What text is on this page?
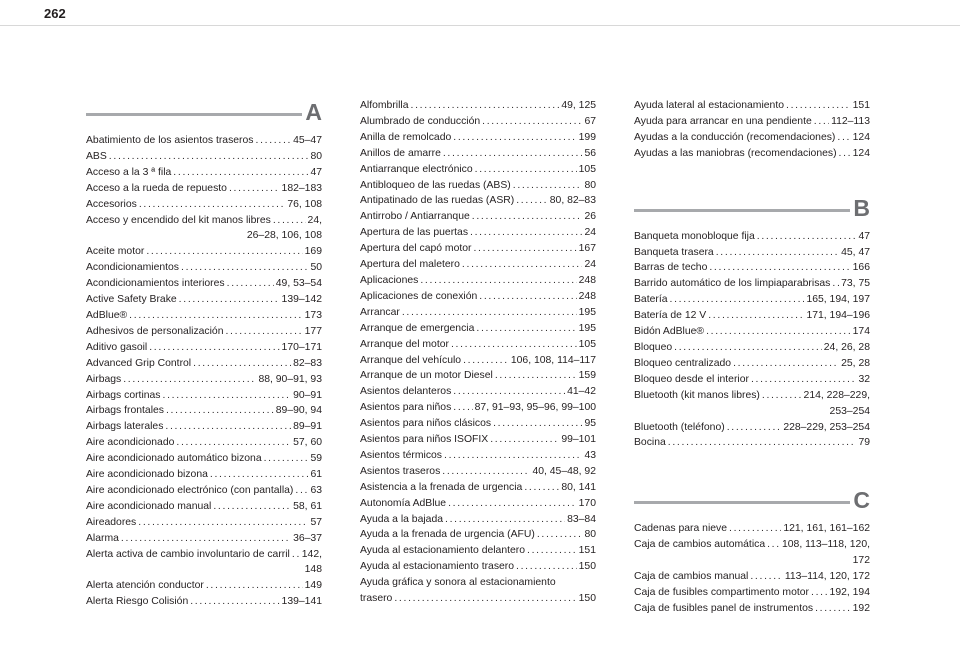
262
A
Abatimiento de los asientos traseros . . .	45–47
ABS . . .	80
Acceso a la 3 ª fila . . .	47
Acceso a la rueda de repuesto . . .	182–183
Accesorios . . .	76, 108
Acceso y encendido del kit manos libres . . .	24,
26–28, 106, 108
Aceite motor . . .	169
Acondicionamientos . . .	50
Acondicionamientos interiores . . .	49, 53–54
Active Safety Brake . . .	139–142
AdBlue® . . .	173
Adhesivos de personalización . . .	177
Aditivo gasoil . . .	170–171
Advanced Grip Control . . .	82–83
Airbags . . .	88, 90–91, 93
Airbags cortinas . . .	90–91
Airbags frontales . . .	89–90, 94
Airbags laterales . . .	89–91
Aire acondicionado . . .	57, 60
Aire acondicionado automático bizona . . .	59
Aire acondicionado bizona . . .	61
Aire acondicionado electrónico (con pantalla) . . . 63
Aire acondicionado manual . . .	58, 61
Aireadores . . .	57
Alarma . . .	36–37
Alerta activa de cambio involuntario de carril . . . 142,
148
Alerta atención conductor . . .	149
Alerta Riesgo Colisión . . .	139–141
Alfombrilla . . .	49, 125
Alumbrado de conducción . . .	67
Anilla de remolcado . . .	199
Anillos de amarre . . .	56
Antiarranque electrónico . . .	105
Antibloqueo de las ruedas (ABS) . . .	80
Antipatinado de las ruedas (ASR) . . .	80, 82–83
Antirrobo / Antiarranque . . .	26
Apertura de las puertas . . .	24
Apertura del capó motor . . .	167
Apertura del maletero . . .	24
Aplicaciones . . .	248
Aplicaciones de conexión . . .	248
Arrancar . . .	195
Arranque de emergencia . . .	195
Arranque del motor . . .	105
Arranque del vehículo . . .	106, 108, 114–117
Arranque de un motor Diesel . . .	159
Asientos delanteros . . .	41–42
Asientos para niños . . . 87, 91–93, 95–96, 99–100
Asientos para niños clásicos . . .	95
Asientos para niños ISOFIX . . .	99–101
Asientos térmicos . . .	43
Asientos traseros . . .	40, 45–48, 92
Asistencia a la frenada de urgencia . . .	80, 141
Autonomía AdBlue . . .	170
Ayuda a la bajada . . .	83–84
Ayuda a la frenada de urgencia (AFU) . . .	80
Ayuda al estacionamiento delantero . . .	151
Ayuda al estacionamiento trasero . . .	150
Ayuda gráfica y sonora al estacionamiento
trasero . . .	150
Ayuda lateral al estacionamiento . . .	151
Ayuda para arrancar en una pendiente . . . 112–113
Ayudas a la conducción (recomendaciones) . . . 124
Ayudas a las maniobras (recomendaciones) . . . 124
B
Banqueta monobloque fija . . .	47
Banqueta trasera . . .	45, 47
Barras de techo . . .	166
Barrido automático de los limpiaparabrisas . . . 73, 75
Batería . . .	165, 194, 197
Batería de 12 V . . .	171, 194–196
Bidón AdBlue® . . .	174
Bloqueo . . .	24, 26, 28
Bloqueo centralizado . . .	25, 28
Bloqueo desde el interior . . .	32
Bluetooth (kit manos libres) . . .	214, 228–229,
253–254
Bluetooth (teléfono) . . .	228–229, 253–254
Bocina . . .	79
C
Cadenas para nieve . . .	121, 161, 161–162
Caja de cambios automática . . . 108, 113–118, 120,
172
Caja de cambios manual . . .	113–114, 120, 172
Caja de fusibles compartimento motor . . . 192, 194
Caja de fusibles panel de instrumentos . . .	192
